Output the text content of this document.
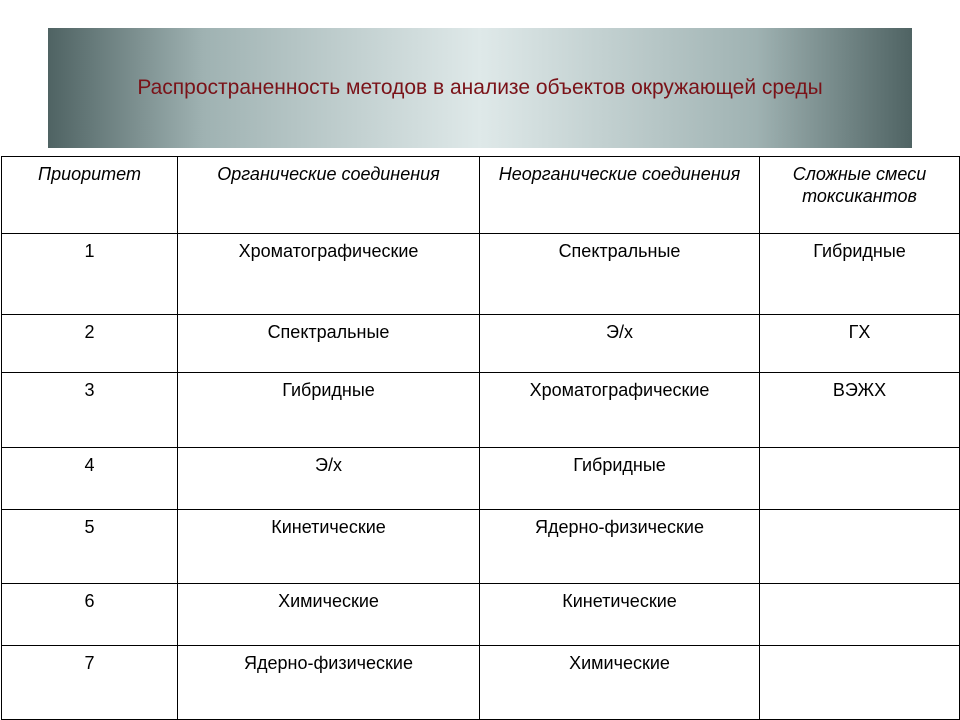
Распространенность методов в анализе объектов окружающей среды
Приоритет	Органические соединения	Неорганические соединения	Сложные смеси токсикантов
1	Хроматографические	Спектральные	Гибридные
2	Спектральные	Э/х	ГХ
3	Гибридные	Хроматографические	ВЭЖХ
4	Э/х	Гибридные	
5	Кинетические	Ядерно-физические	
6	Химические	Кинетические	
7	Ядерно-физические	Химические	
